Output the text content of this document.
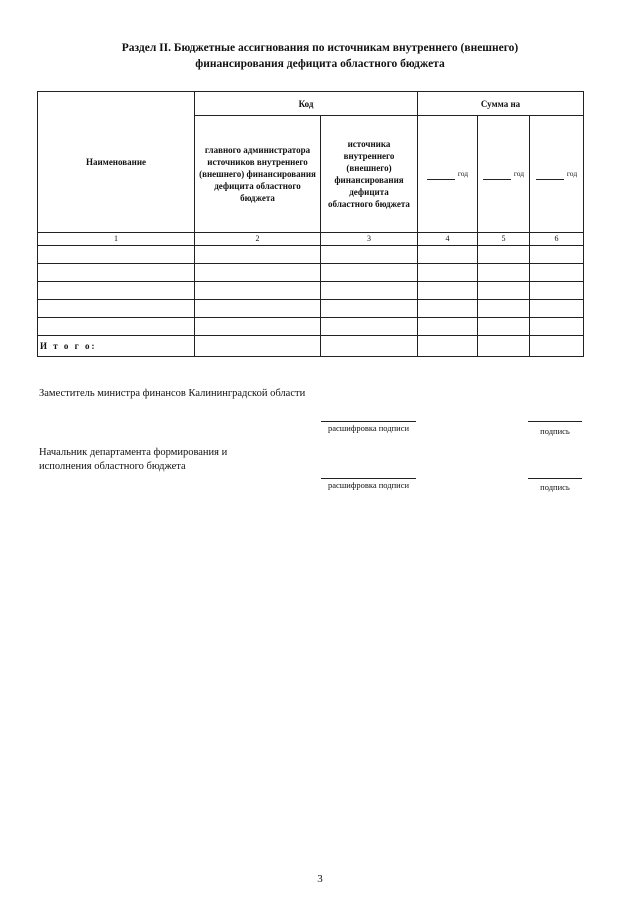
Раздел II. Бюджетные ассигнования по источникам внутреннего (внешнего)
финансирования дефицита областного бюджета
Наименование	Код		Сумма на		
	главного администратора источников внутреннего (внешнего) финансирования дефицита областного бюджета	источника внутреннего (внешнего) финансирования дефицита областного бюджета	год	год	год
1	2	3	4	5	6

И т о г о:					
Заместитель министра финансов Калининградской области
расшифровка подписи	подпись
Начальник департамента формирования и исполнения областного бюджета
расшифровка подписи	подпись
3
